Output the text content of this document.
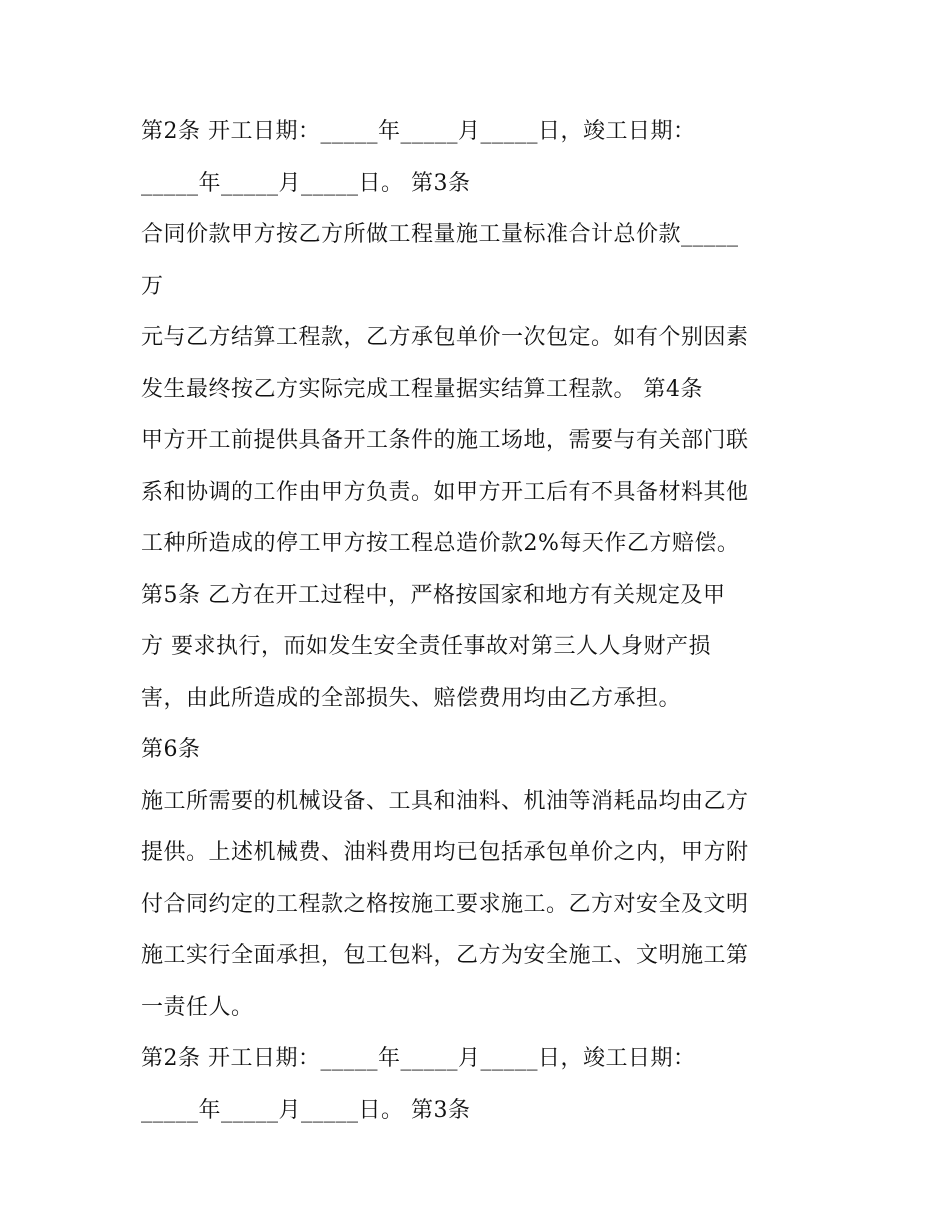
第2条 开工日期：_____年_____月_____日，竣工日期：
_____年_____月_____日。 第3条
合同价款甲方按乙方所做工程量施工量标准合计总价款_____
万
元与乙方结算工程款，乙方承包单价一次包定。如有个别因素
发生最终按乙方实际完成工程量据实结算工程款。 第4条
甲方开工前提供具备开工条件的施工场地，需要与有关部门联
系和协调的工作由甲方负责。如甲方开工后有不具备材料其他
工种所造成的停工甲方按工程总造价款2%每天作乙方赔偿。
第5条 乙方在开工过程中，严格按国家和地方有关规定及甲
方 要求执行，而如发生安全责任事故对第三人人身财产损
害，由此所造成的全部损失、赔偿费用均由乙方承担。
第6条
施工所需要的机械设备、工具和油料、机油等消耗品均由乙方
提供。上述机械费、油料费用均已包括承包单价之内，甲方附
付合同约定的工程款之格按施工要求施工。乙方对安全及文明
施工实行全面承担，包工包料，乙方为安全施工、文明施工第
一责任人。
第2条 开工日期：_____年_____月_____日，竣工日期：
_____年_____月_____日。 第3条
